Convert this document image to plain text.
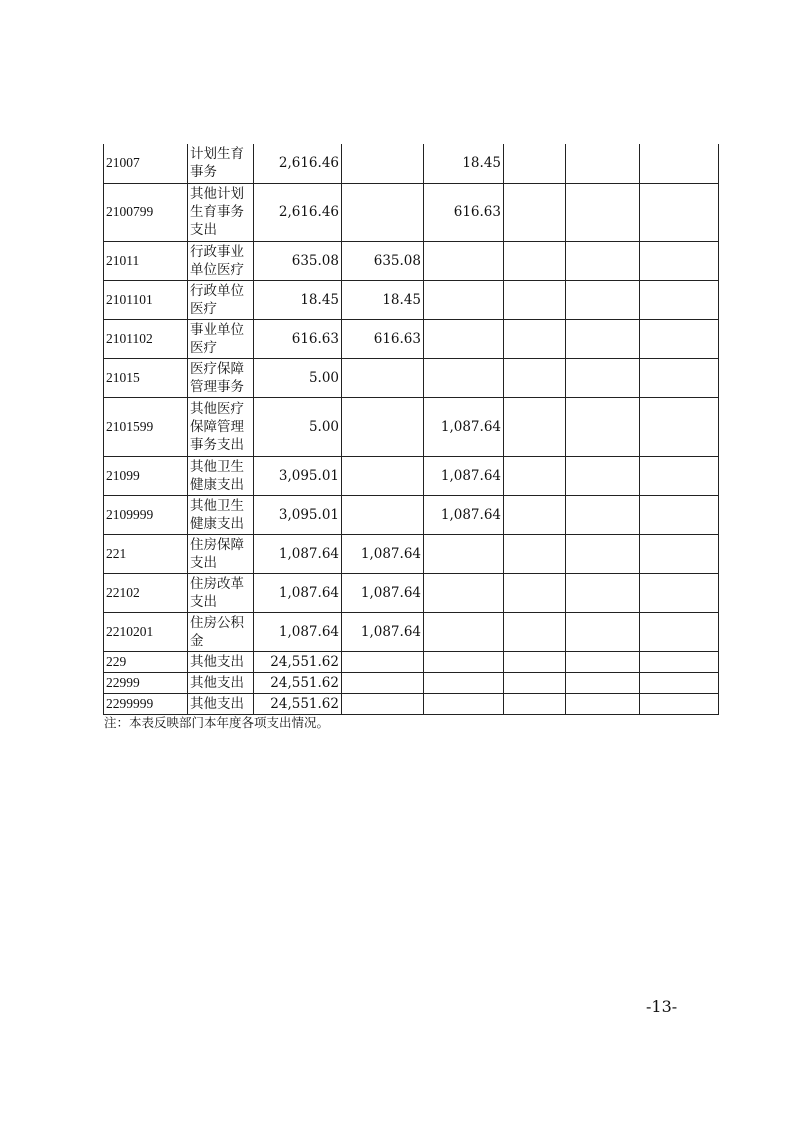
21007	计划生育事务	2,616.46		18.45			
2100799	其他计划生育事务支出	2,616.46		616.63			
21011	行政事业单位医疗	635.08	635.08				
2101101	行政单位医疗	18.45	18.45				
2101102	事业单位医疗	616.63	616.63				
21015	医疗保障管理事务	5.00					
2101599	其他医疗保障管理事务支出	5.00		1,087.64			
21099	其他卫生健康支出	3,095.01		1,087.64			
2109999	其他卫生健康支出	3,095.01		1,087.64			
221	住房保障支出	1,087.64	1,087.64				
22102	住房改革支出	1,087.64	1,087.64				
2210201	住房公积金	1,087.64	1,087.64				
229	其他支出	24,551.62					
22999	其他支出	24,551.62					
2299999	其他支出	24,551.62					
注：本表反映部门本年度各项支出情况。
-13-
